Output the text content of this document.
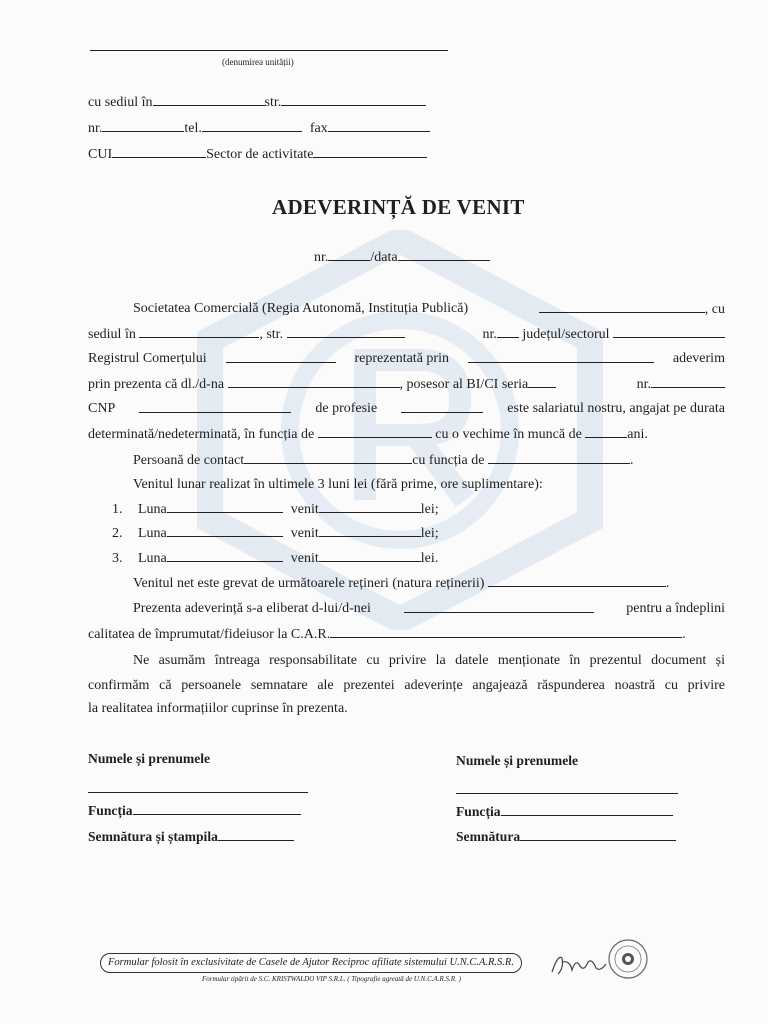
(denumirea unității)
cu sediul în	str.
nr.	tel.	fax
CUI	Sector de activitate
ADEVERINȚĂ DE VENIT
nr.	/data
Societatea Comercială (Regia Autonomă, Instituția Publică)	, cu
sediul în	, str.	nr. județul/sectorul
Registrul Comerțului	reprezentată prin	adeverim
prin prezenta că dl./d-na	, posesor al BI/CI seria	nr.
CNP	de profesie	este salariatul nostru, angajat pe durata
determinată/nedeterminată, în funcția de	cu o vechime în muncă de	ani.
Persoană de contact	cu funcția de	.
Venitul lunar realizat în ultimele 3 luni lei (fără prime, ore suplimentare):
1. Luna	venit	lei;
2. Luna	venit	lei;
3. Luna	venit	lei.
Venitul net este grevat de următoarele rețineri (natura reținerii)	.
Prezenta adeverință s-a eliberat d-lui/d-nei	pentru a îndeplini
calitatea de împrumutat/fideiusor la C.A.R.	.
Ne asumăm întreaga responsabilitate cu privire la datele menționate în prezentul document și
confirmăm că persoanele semnatare ale prezentei adeverințe angajează răspunderea noastră cu privire
la realitatea informațiilor cuprinse în prezenta.
Numele și prenumele
Funcția
Semnătura și ștampila
Numele și prenumele
Funcția
Semnătura
Formular folosit în exclusivitate de Casele de Ajutor Reciproc afiliate sistemului U.N.C.A.R.S.R.
Formular tipărit de S.C. KRISTWALDO VIP S.R.L. ( Tipografie agreată de U.N.C.A.R.S.R. )
